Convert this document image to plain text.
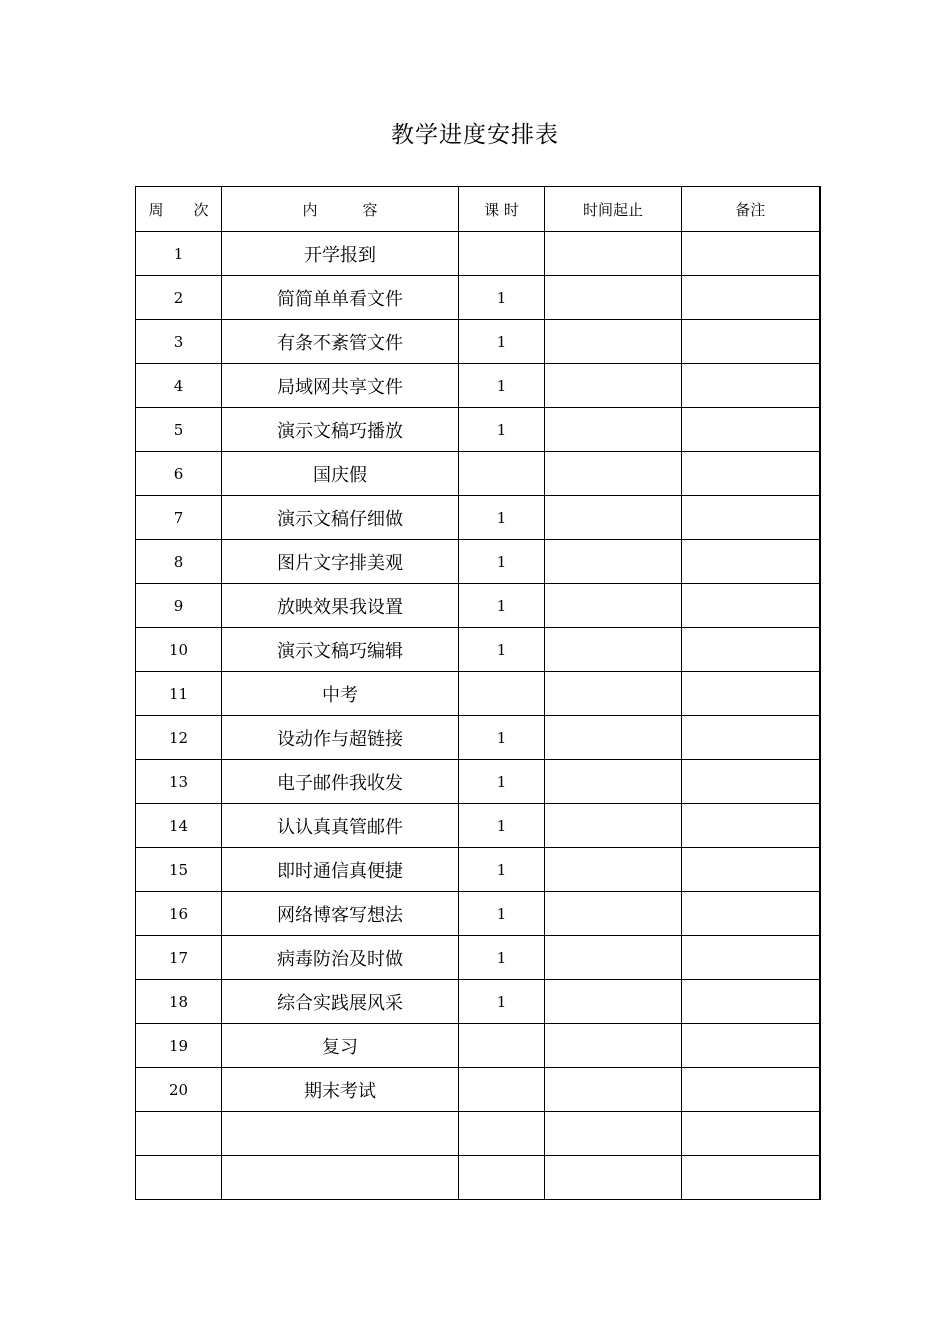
教学进度安排表
周　　次	内　　　容	课 时	时间起止	备注
1	开学报到			
2	简简单单看文件	1		
3	有条不紊管文件	1		
4	局域网共享文件	1		
5	演示文稿巧播放	1		
6	国庆假			
7	演示文稿仔细做	1		
8	图片文字排美观	1		
9	放映效果我设置	1		
10	演示文稿巧编辑	1		
11	中考			
12	设动作与超链接	1		
13	电子邮件我收发	1		
14	认认真真管邮件	1		
15	即时通信真便捷	1		
16	网络博客写想法	1		
17	病毒防治及时做	1		
18	综合实践展风采	1		
19	复习			
20	期末考试			
